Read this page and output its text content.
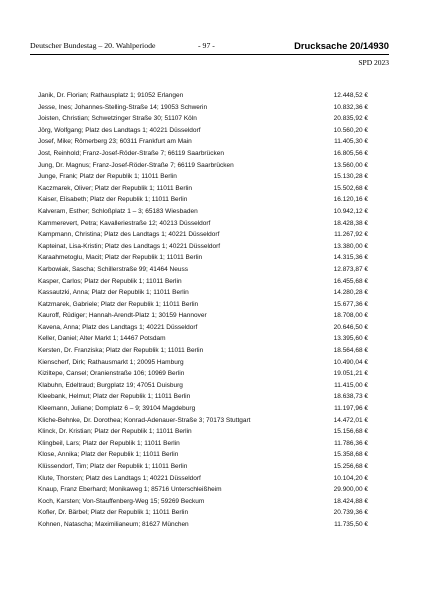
Deutscher Bundestag – 20. Wahlperiode	- 97 -	Drucksache 20/14930
SPD 2023
Janik, Dr. Florian; Rathausplatz 1; 91052 Erlangen	12.448,52 €
Jesse, Ines; Johannes-Stelling-Straße 14; 19053 Schwerin	10.832,36 €
Joisten, Christian; Schwetzinger Straße 30; 51107 Köln	20.835,92 €
Jörg, Wolfgang; Platz des Landtags 1; 40221 Düsseldorf	10.560,20 €
Josef, Mike; Römerberg 23; 60311 Frankfurt am Main	11.405,30 €
Jost, Reinhold; Franz-Josef-Röder-Straße 7; 66119 Saarbrücken	16.805,56 €
Jung, Dr. Magnus; Franz-Josef-Röder-Straße 7; 66119 Saarbrücken	13.560,00 €
Junge, Frank; Platz der Republik 1; 11011 Berlin	15.130,28 €
Kaczmarek, Oliver; Platz der Republik 1; 11011 Berlin	15.502,68 €
Kaiser, Elisabeth; Platz der Republik 1; 11011 Berlin	16.120,16 €
Kalveram, Esther; Schloßplatz 1 – 3; 65183 Wiesbaden	10.942,12 €
Kammerevert, Petra; Kavalleriestraße 12; 40213 Düsseldorf	18.428,38 €
Kampmann, Christina; Platz des Landtags 1; 40221 Düsseldorf	11.267,92 €
Kapteinat, Lisa-Kristin; Platz des Landtags 1; 40221 Düsseldorf	13.380,00 €
Karaahmetoglu, Macit; Platz der Republik 1; 11011 Berlin	14.315,36 €
Karbowiak, Sascha; Schillerstraße 99; 41464 Neuss	12.873,87 €
Kasper, Carlos; Platz der Republik 1; 11011 Berlin	16.455,68 €
Kassautzki, Anna; Platz der Republik 1; 11011 Berlin	14.280,28 €
Katzmarek, Gabriele; Platz der Republik 1; 11011 Berlin	15.677,36 €
Kauroff, Rüdiger; Hannah-Arendt-Platz 1; 30159 Hannover	18.708,00 €
Kavena, Anna; Platz des Landtags 1; 40221 Düsseldorf	20.646,50 €
Keller, Daniel; Alter Markt 1; 14467 Potsdam	13.395,60 €
Kersten, Dr. Franziska; Platz der Republik 1; 11011 Berlin	18.564,68 €
Kienscherf, Dirk; Rathausmarkt 1; 20095 Hamburg	10.490,04 €
Kiziltepe, Cansel; Oranienstraße 106; 10969 Berlin	19.051,21 €
Klabuhn, Edeltraud; Burgplatz 19; 47051 Duisburg	11.415,00 €
Kleebank, Helmut; Platz der Republik 1; 11011 Berlin	18.638,73 €
Kleemann, Juliane; Domplatz 6 – 9; 39104 Magdeburg	11.197,96 €
Kliche-Behnke, Dr. Dorothea; Konrad-Adenauer-Straße 3; 70173 Stuttgart	14.472,01 €
Klinck, Dr. Kristian; Platz der Republik 1; 11011 Berlin	15.156,68 €
Klingbeil, Lars; Platz der Republik 1; 11011 Berlin	11.786,36 €
Klose, Annika; Platz der Republik 1; 11011 Berlin	15.358,68 €
Klüssendorf, Tim; Platz der Republik 1; 11011 Berlin	15.256,68 €
Klute, Thorsten; Platz des Landtags 1; 40221 Düsseldorf	10.104,20 €
Knaup, Franz Eberhard; Monikaweg 1; 85716 Unterschleißheim	29.900,00 €
Koch, Karsten; Von-Stauffenberg-Weg 15; 59269 Beckum	18.424,88 €
Kofler, Dr. Bärbel; Platz der Republik 1; 11011 Berlin	20.739,36 €
Kohnen, Natascha; Maximilianeum; 81627 München	11.735,50 €
